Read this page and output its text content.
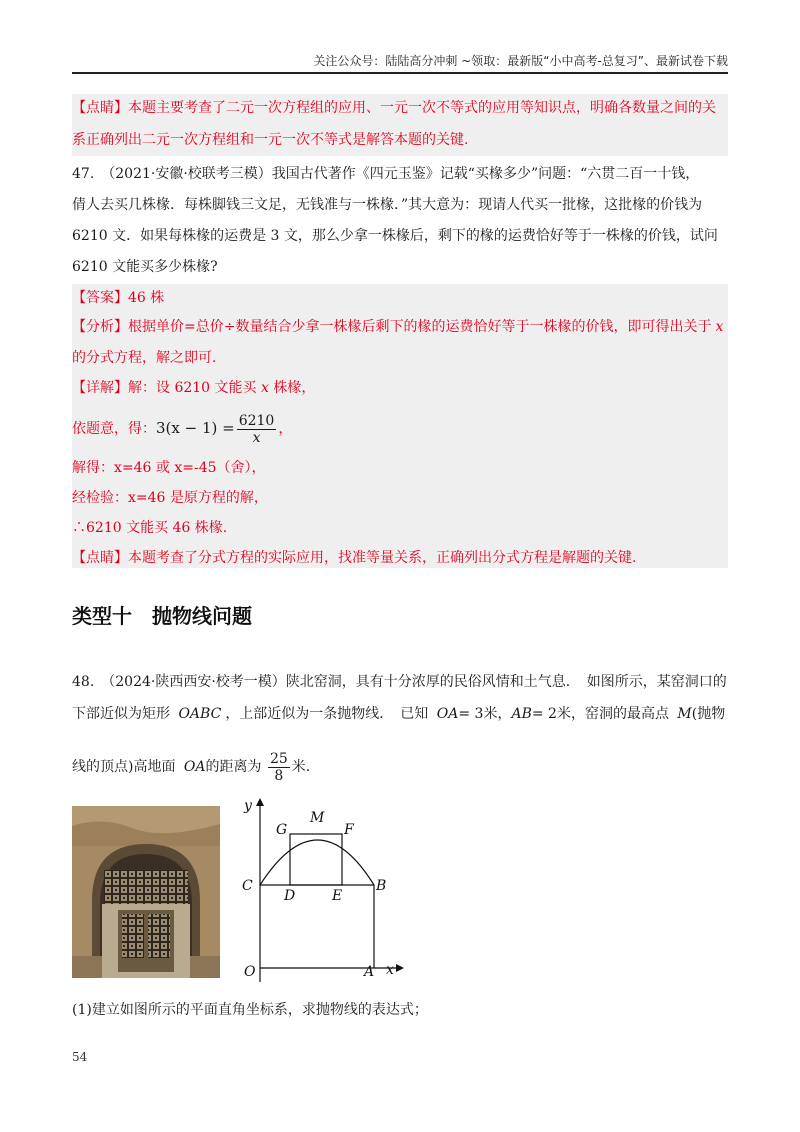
关注公众号：陆陆高分冲刺 ~领取：最新版“小中高考-总复习”、最新试卷下载
【点睛】本题主要考查了二元一次方程组的应用、一元一次不等式的应用等知识点，明确各数量之间的关
系正确列出二元一次方程组和一元一次不等式是解答本题的关键.
47.　（2021·安徽·校联考三模）我国古代著作《四元玉鉴》记载“买椽多少”问题：“六贯二百一十钱，
倩人去买几株椽．每株脚钱三文足，无钱准与一株椽．”其大意为：现请人代买一批椽，这批椽的价钱为
6210 文．如果每株椽的运费是 3 文，那么少拿一株椽后，剩下的椽的运费恰好等于一株椽的价钱，试问
6210 文能买多少株椽?
【答案】46 株
【分析】根据单价=总价÷数量结合少拿一株椽后剩下的椽的运费恰好等于一株椽的价钱，即可得出关于 x
的分式方程，解之即可.
【详解】解：设 6210 文能买 x 株椽，
依题意，得：$3(x - 1) = \frac{6210}{x}$ ，
解得：x=46 或 x=-45（舍），
经检验：x=46 是原方程的解，
∴6210 文能买 46 株椽.
【点睛】本题考查了分式方程的实际应用，找准等量关系，正确列出分式方程是解题的关键.
类型十　抛物线问题
48.　（2024·陕西西安·校考一模）陕北窑洞，具有十分浓厚的民俗风情和土气息．　如图所示，某窑洞口的
下部近似为矩形 OABC ，上部近似为一条抛物线．　已知 OA= 3米，AB= 2米，窑洞的最高点 M(抛物
线的顶点)高地面 OA的距离为 $\frac{25}{8}$ 米.
y
x
M
G	F
C
D	E
B
O	A
(1)建立如图所示的平面直角坐标系，求抛物线的表达式；
54
